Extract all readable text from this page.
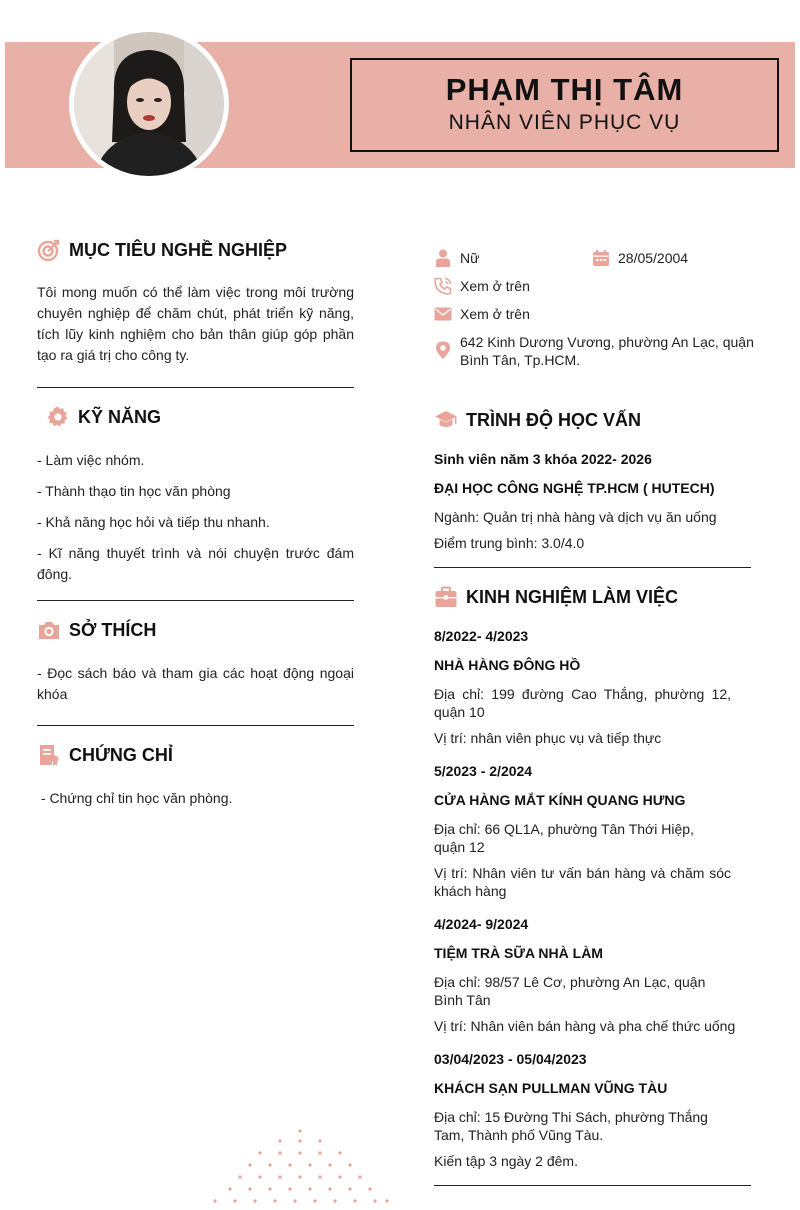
PHẠM THỊ TÂM
NHÂN VIÊN PHỤC VỤ
MỤC TIÊU NGHỀ NGHIỆP
Tôi mong muốn có thể làm việc trong môi trường chuyên nghiệp để chăm chút, phát triển kỹ năng, tích lũy kinh nghiệm cho bản thân giúp góp phần tạo ra giá trị cho công ty.
KỸ NĂNG
- Làm việc nhóm.
- Thành thạo tin học văn phòng
- Khả năng học hỏi và tiếp thu nhanh.
- Kĩ năng thuyết trình và nói chuyện trước đám đông.
SỞ THÍCH
- Đọc sách báo và tham gia các hoạt động ngoại khóa
CHỨNG CHỈ
- Chứng chỉ tin học văn phòng.
Nữ	28/05/2004
Xem ở trên
Xem ở trên
642 Kinh Dương Vương, phường An Lạc, quận Bình Tân, Tp.HCM.
TRÌNH ĐỘ HỌC VẤN
Sinh viên năm 3 khóa 2022- 2026
ĐẠI HỌC CÔNG NGHỆ TP.HCM ( HUTECH)
Ngành: Quản trị nhà hàng và dịch vụ ăn uống
Điểm trung bình: 3.0/4.0
KINH NGHIỆM LÀM VIỆC
8/2022- 4/2023
NHÀ HÀNG ĐÔNG HỒ
Địa chỉ: 199 đường Cao Thắng, phường 12, quận 10
Vị trí: nhân viên phục vụ và tiếp thực
5/2023 - 2/2024
CỬA HÀNG MẮT KÍNH QUANG HƯNG
Địa chỉ: 66 QL1A, phường Tân Thới Hiệp, quận 12
Vị trí: Nhân viên tư vấn bán hàng và chăm sóc khách hàng
4/2024- 9/2024
TIỆM TRÀ SỮA NHÀ LÀM
Địa chỉ: 98/57 Lê Cơ, phường An Lạc, quận Bình Tân
Vị trí: Nhân viên bán hàng và pha chế thức uống
03/04/2023 - 05/04/2023
KHÁCH SẠN PULLMAN VŨNG TÀU
Địa chỉ: 15 Đường Thi Sách, phường Thắng Tam, Thành phố Vũng Tàu.
Kiến tập 3 ngày 2 đêm.
